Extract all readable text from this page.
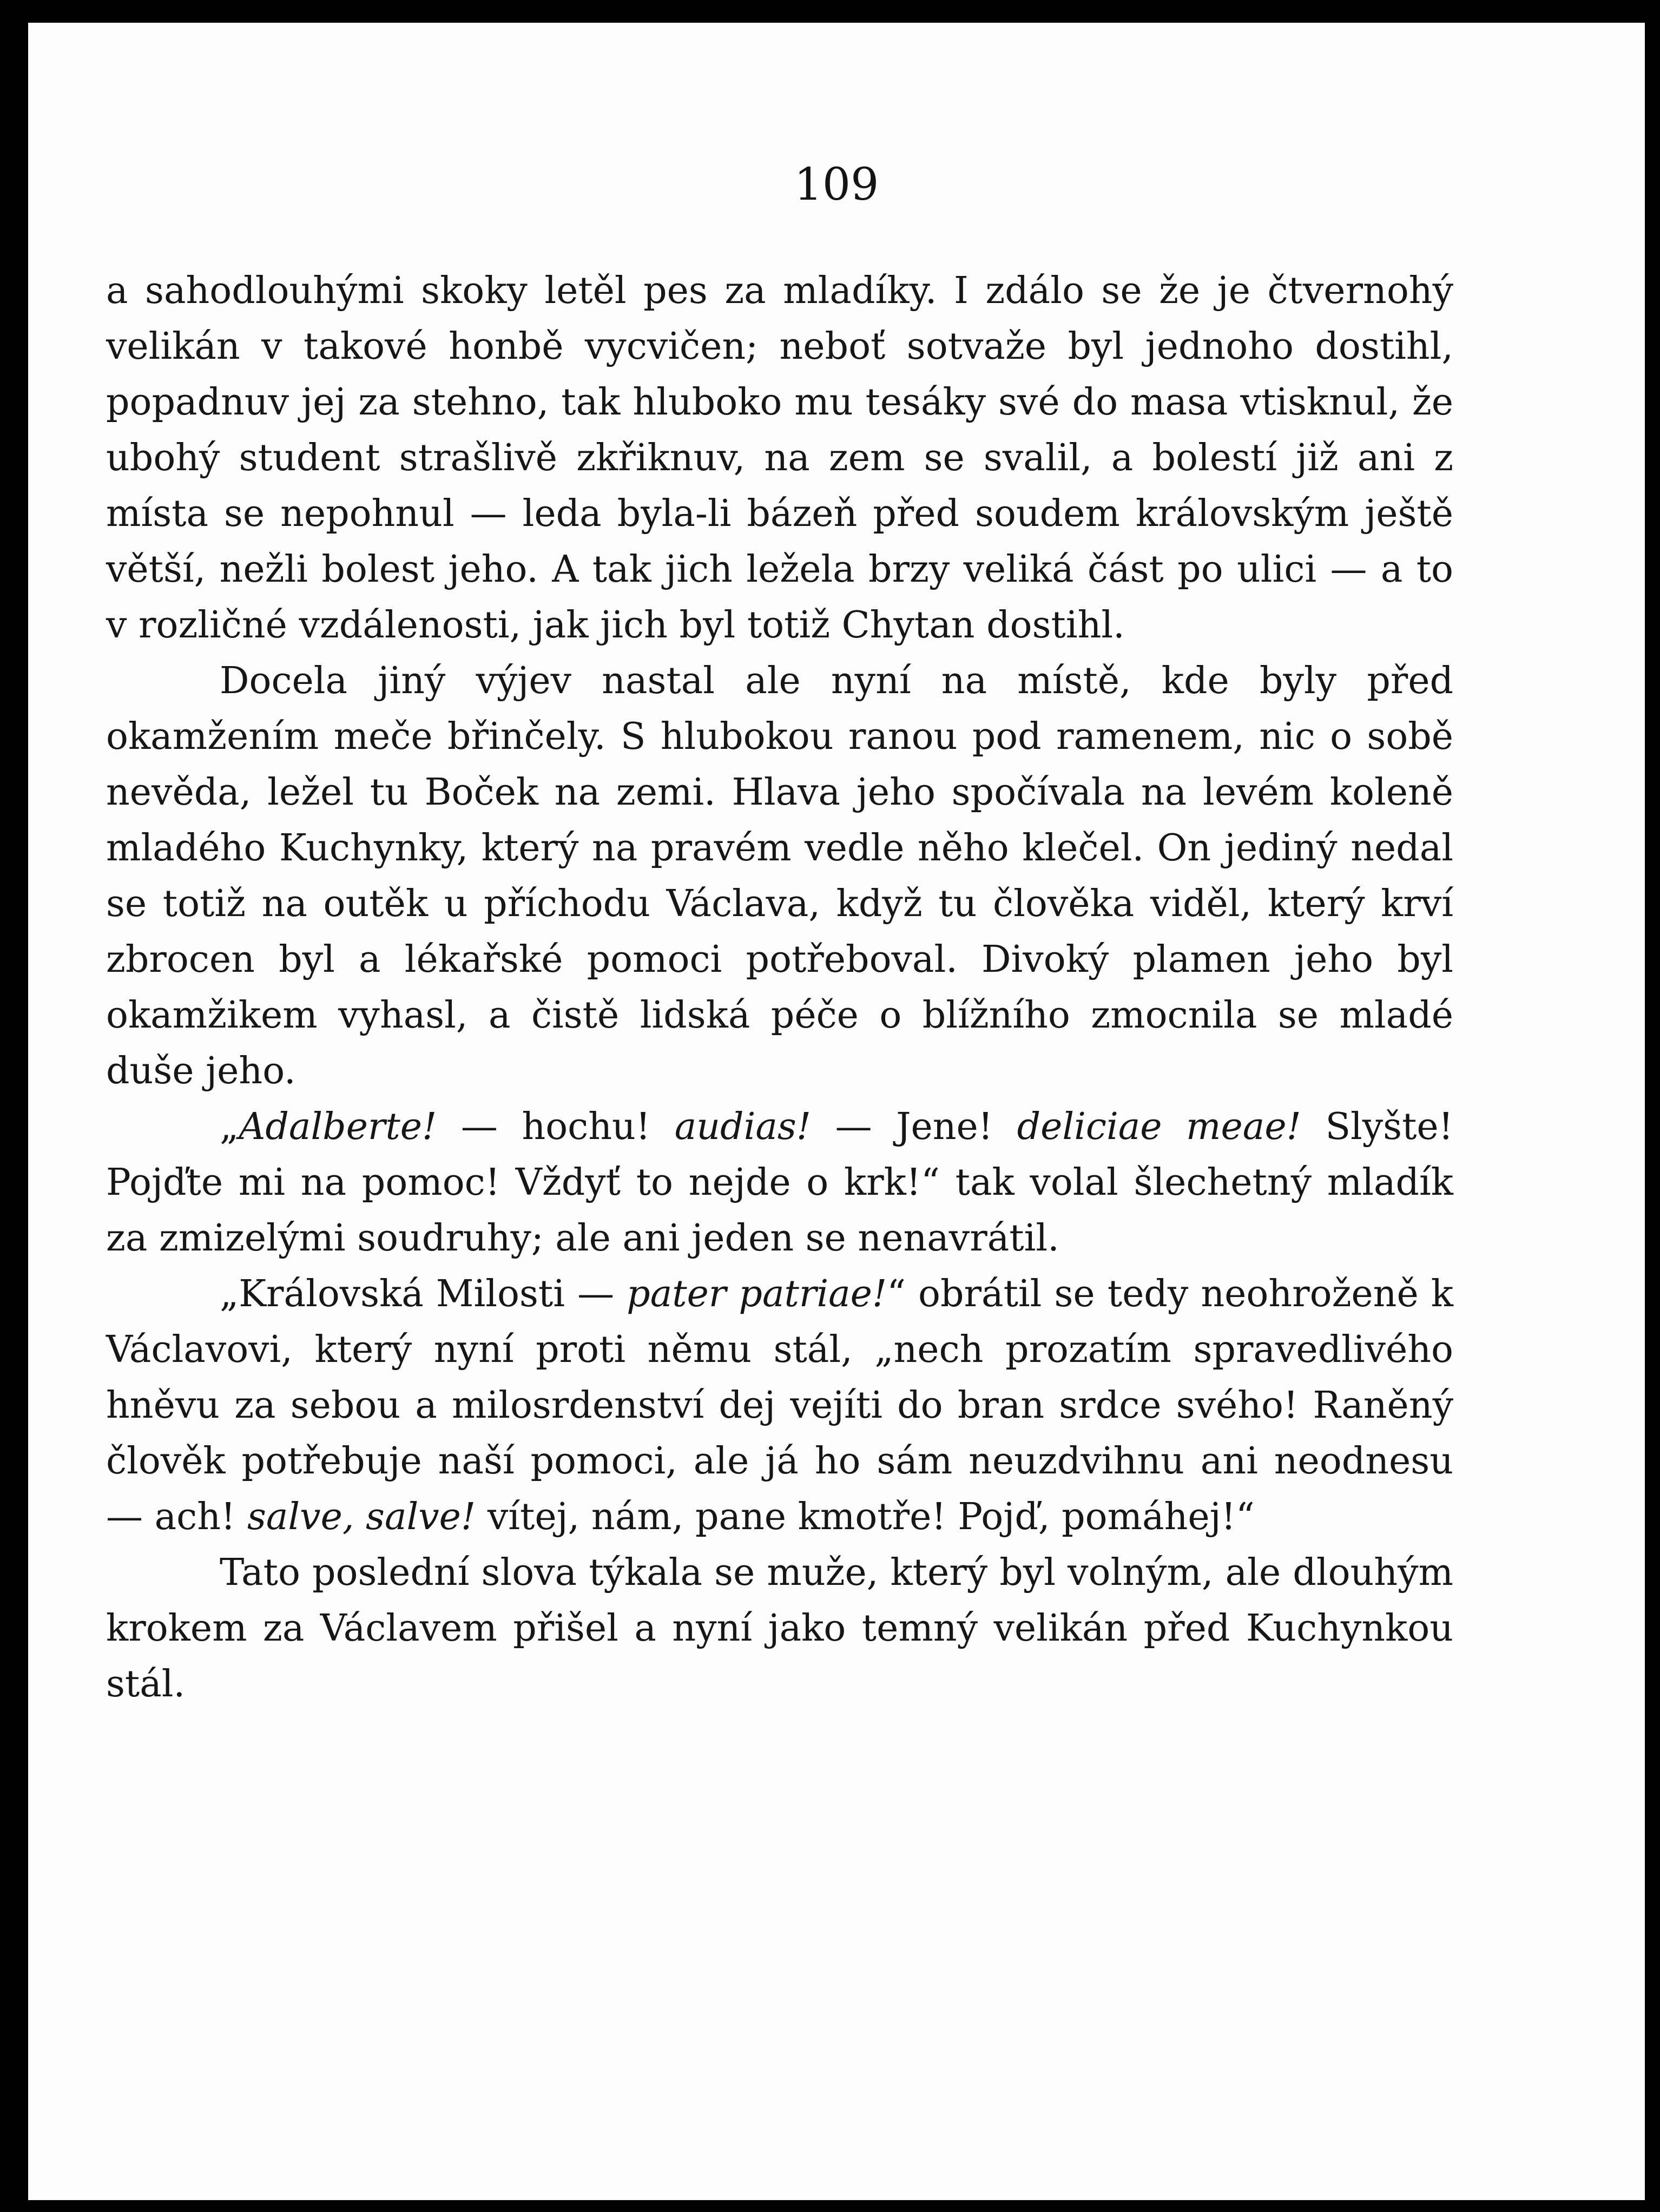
109

a sahodlouhými skoky letěl pes za mladíky. I zdálo se že je čtvernohý velikán v takové honbě vycvičen; neboť sotvaže byl jednoho dostihl, popadnuv jej za stehno, tak hluboko mu tesáky své do masa vtisknul, že ubohý student strašlivě zkřiknuv, na zem se svalil, a bolestí již ani z místa se nepohnul — leda byla-li bázeň před soudem královským ještě větší, nežli bolest jeho. A tak jich ležela brzy veliká část po ulici — a to v rozličné vzdálenosti, jak jich byl totiž Chytan dostihl.

Docela jiný výjev nastal ale nyní na místě, kde byly před okamžením meče břinčely. S hlubokou ranou pod ramenem, nic o sobě nevěda, ležel tu Boček na zemi. Hlava jeho spočívala na levém koleně mladého Kuchynky, který na pravém vedle něho klečel. On jediný nedal se totiž na outěk u příchodu Václava, když tu člověka viděl, který krví zbrocen byl a lékařské pomoci potřeboval. Divoký plamen jeho byl okamžikem vyhasl, a čistě lidská péče o blížního zmocnila se mladé duše jeho.

„Adalberte! — hochu! audias! — Jene! deliciae meae! Slyšte! Pojďte mi na pomoc! Vždyť to nejde o krk!“ tak volal šlechetný mladík za zmizelými soudruhy; ale ani jeden se nenavrátil.

„Královská Milosti — pater patriae!“ obrátil se tedy neohroženě k Václavovi, který nyní proti němu stál, „nech prozatím spravedlivého hněvu za sebou a milosrdenství dej vejíti do bran srdce svého! Raněný člověk potřebuje naší pomoci, ale já ho sám neuzdvihnu ani neodnesu — ach! salve, salve! vítej, nám, pane kmotře! Pojď, pomáhej!“

Tato poslední slova týkala se muže, který byl volným, ale dlouhým krokem za Václavem přišel a nyní jako temný velikán před Kuchynkou stál.
